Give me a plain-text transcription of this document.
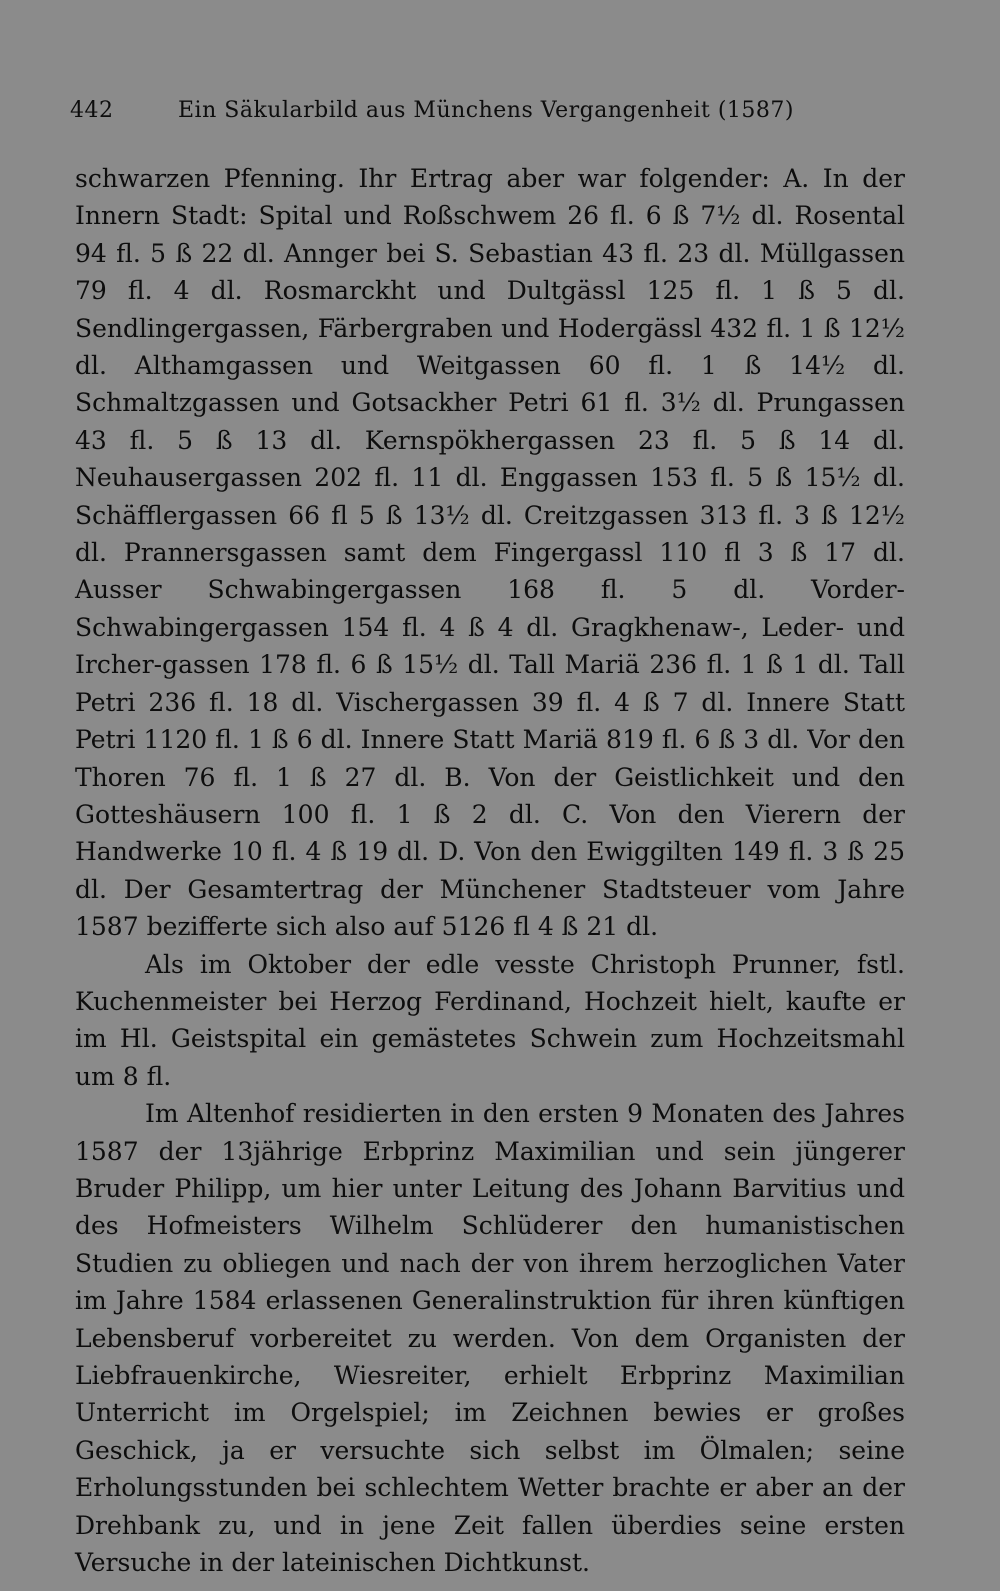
442	Ein Säkularbild aus Münchens Vergangenheit (1587)

schwarzen Pfenning. Ihr Ertrag aber war folgender: A. In der Innern Stadt: Spital und Roßschwem 26 fl. 6 ß 7½ dl. Rosental 94 fl. 5 ß 22 dl. Annger bei S. Sebastian 43 fl. 23 dl. Müllgassen 79 fl. 4 dl. Rosmarckht und Dultgässl 125 fl. 1 ß 5 dl. Sendlingergassen, Färbergraben und Hodergässl 432 fl. 1 ß 12½ dl. Althamgassen und Weitgassen 60 fl. 1 ß 14½ dl. Schmaltzgassen und Gotsackher Petri 61 fl. 3½ dl. Prungassen 43 fl. 5 ß 13 dl. Kernspökhergassen 23 fl. 5 ß 14 dl. Neuhausergassen 202 fl. 11 dl. Enggassen 153 fl. 5 ß 15½ dl. Schäfflergassen 66 fl 5 ß 13½ dl. Creitzgassen 313 fl. 3 ß 12½ dl. Prannersgassen samt dem Fingergassl 110 fl 3 ß 17 dl. Ausser Schwabingergassen 168 fl. 5 dl. Vorder-Schwabingergassen 154 fl. 4 ß 4 dl. Gragkhenaw-, Leder- und Ircher-gassen 178 fl. 6 ß 15½ dl. Tall Mariä 236 fl. 1 ß 1 dl. Tall Petri 236 fl. 18 dl. Vischergassen 39 fl. 4 ß 7 dl. Innere Statt Petri 1120 fl. 1 ß 6 dl. Innere Statt Mariä 819 fl. 6 ß 3 dl. Vor den Thoren 76 fl. 1 ß 27 dl. B. Von der Geistlichkeit und den Gotteshäusern 100 fl. 1 ß 2 dl. C. Von den Vierern der Handwerke 10 fl. 4 ß 19 dl. D. Von den Ewiggilten 149 fl. 3 ß 25 dl. Der Gesamtertrag der Münchener Stadtsteuer vom Jahre 1587 bezifferte sich also auf 5126 fl 4 ß 21 dl.

Als im Oktober der edle vesste Christoph Prunner, fstl. Kuchenmeister bei Herzog Ferdinand, Hochzeit hielt, kaufte er im Hl. Geistspital ein gemästetes Schwein zum Hochzeitsmahl um 8 fl.

Im Altenhof residierten in den ersten 9 Monaten des Jahres 1587 der 13jährige Erbprinz Maximilian und sein jüngerer Bruder Philipp, um hier unter Leitung des Johann Barvitius und des Hofmeisters Wilhelm Schlüderer den humanistischen Studien zu obliegen und nach der von ihrem herzoglichen Vater im Jahre 1584 erlassenen Generalinstruktion für ihren künftigen Lebensberuf vorbereitet zu werden. Von dem Organisten der Liebfrauenkirche, Wiesreiter, erhielt Erbprinz Maximilian Unterricht im Orgelspiel; im Zeichnen bewies er großes Geschick, ja er versuchte sich selbst im Ölmalen; seine Erholungsstunden bei schlechtem Wetter brachte er aber an der Drehbank zu, und in jene Zeit fallen überdies seine ersten Versuche in der lateinischen Dichtkunst.
